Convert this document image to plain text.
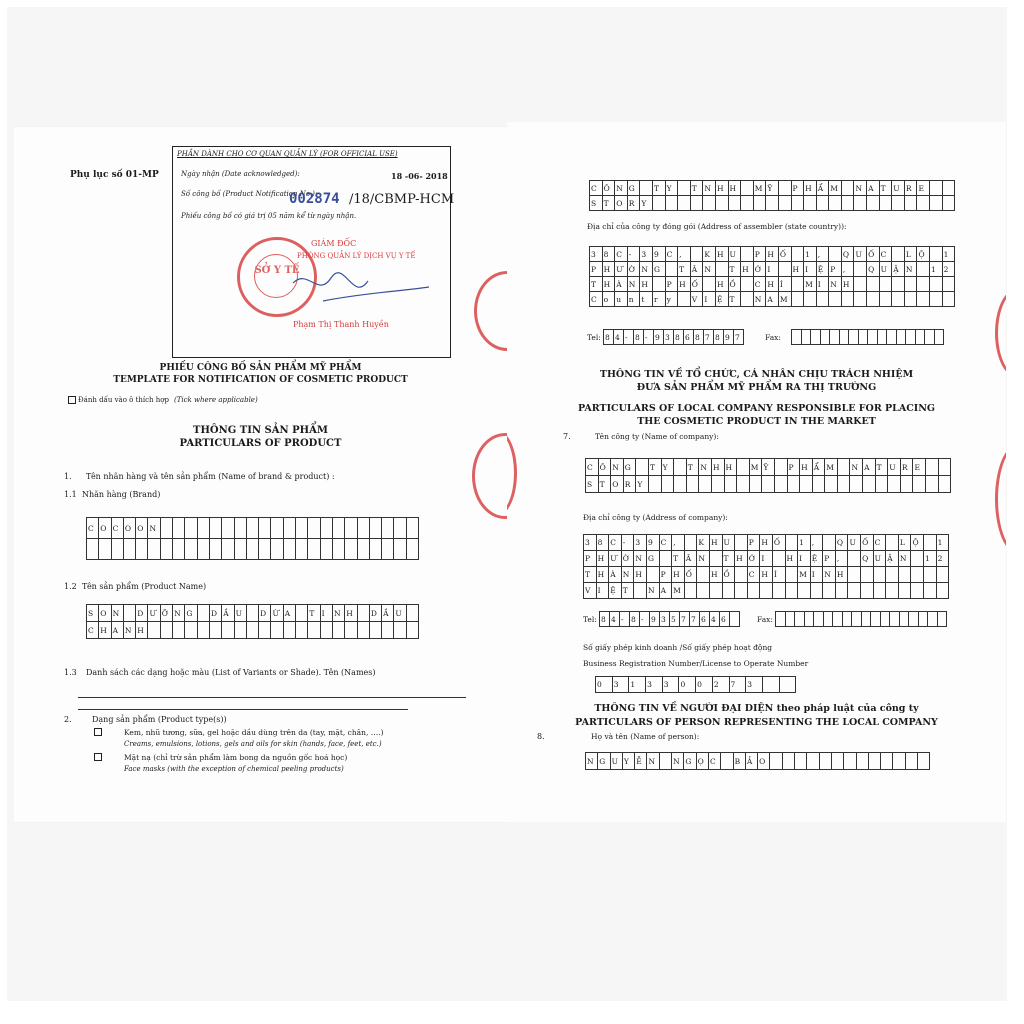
Phụ lục số 01-MP
PHẦN DÀNH CHO CƠ QUAN QUẢN LÝ (FOR OFFICIAL USE)
Ngày nhận (Date acknowledged):	18 -06- 2018
Số công bố (Product Notification No.):
002874 /18/CBMP-HCM
Phiếu công bố có giá trị 05 năm kể từ ngày nhận.
GIÁM ĐỐC
PHÒNG QUẢN LÝ DỊCH VỤ Y TẾ
SỞ Y TẾ
Phạm Thị Thanh Huyền
PHIẾU CÔNG BỐ SẢN PHẨM MỸ PHẨM
TEMPLATE FOR NOTIFICATION OF COSMETIC PRODUCT
Đánh dấu vào ô thích hợp (Tick where applicable)
THÔNG TIN SẢN PHẨM
PARTICULARS OF PRODUCT
1. Tên nhãn hàng và tên sản phẩm (Name of brand & product) :
1.1 Nhãn hàng (Brand)
C O C O O N
1.2 Tên sản phẩm (Product Name)
S O N	D Ư Ỡ N G	D Ầ U	D Ừ A	T I	N H	D Ầ U
C H A N H
1.3 Danh sách các dạng hoặc màu (List of Variants or Shade). Tên (Names)
2.	Dạng sản phẩm (Product type(s))
Kem, nhũ tương, sữa, gel hoặc dầu dùng trên da (tay, mặt, chân, ….)
Creams, emulsions, lotions, gels and oils for skin (hands, face, feet, etc.)
Mặt nạ (chỉ trừ sản phẩm làm bong da nguồn gốc hoá học)
Face masks (with the exception of chemical peeling products)
C Ô N G	T	Y	T	N H H	M Ỹ	P	H Ẩ M	N A T	U R E
S T	O R Y
Địa chỉ của công ty đóng gói (Address of assembler (state country)):
3	8	C -	3	9	C ,	K H U	P	H Ố	1	,	Q U Ố C	L	Ộ	1
P	H Ư Ờ N G	T	Â N	T	H Ớ I	H I	Ệ P	,	Q U Ậ N	1	2
T	H À N H	P	H Ố	H Ồ	C H Í	M I	N H
C o	u	n	t	r	y	V I	Ệ T	N A M
Tel: 8 4 - 8 - 9 3 8 6 8 7 8 9 7	Fax:
THÔNG TIN VỀ TỔ CHỨC, CÁ NHÂN CHỊU TRÁCH NHIỆM
ĐƯA SẢN PHẨM MỸ PHẨM RA THỊ TRƯỜNG
PARTICULARS OF LOCAL COMPANY RESPONSIBLE FOR PLACING
THE COSMETIC PRODUCT IN THE MARKET
7.	Tên công ty (Name of company):
C Ô N G	T	Y	T	N H H	M Ỹ	P	H Ẩ M	N A T	U R E
S T	O R Y
Địa chỉ công ty (Address of company):
3	8	C -	3	9	C ,	K H U	P	H Ố	1	,	Q U Ố C	L	Ộ	1
P	H Ư Ờ N G	T	Â N	T	H Ớ I	H I	Ệ P	,	Q U Ậ N	1	2
T	H À N H	P	H Ố	H Ồ	C H Í	M I	N H
V I	Ệ T	N A M
Tel: 8 4 - 8 - 9 3 5 7 7 6 4 6	Fax:
Số giấy phép kinh doanh /Số giấy phép hoạt động
Business Registration Number/License to Operate Number
0	3	1	3	3	0	0	2	7	3
THÔNG TIN VỀ NGƯỜI ĐẠI DIỆN theo pháp luật của công ty
PARTICULARS OF PERSON REPRESENTING THE LOCAL COMPANY
8.	Họ và tên (Name of person):
N G U Y Ễ N	N G Ọ C	B Ả O
